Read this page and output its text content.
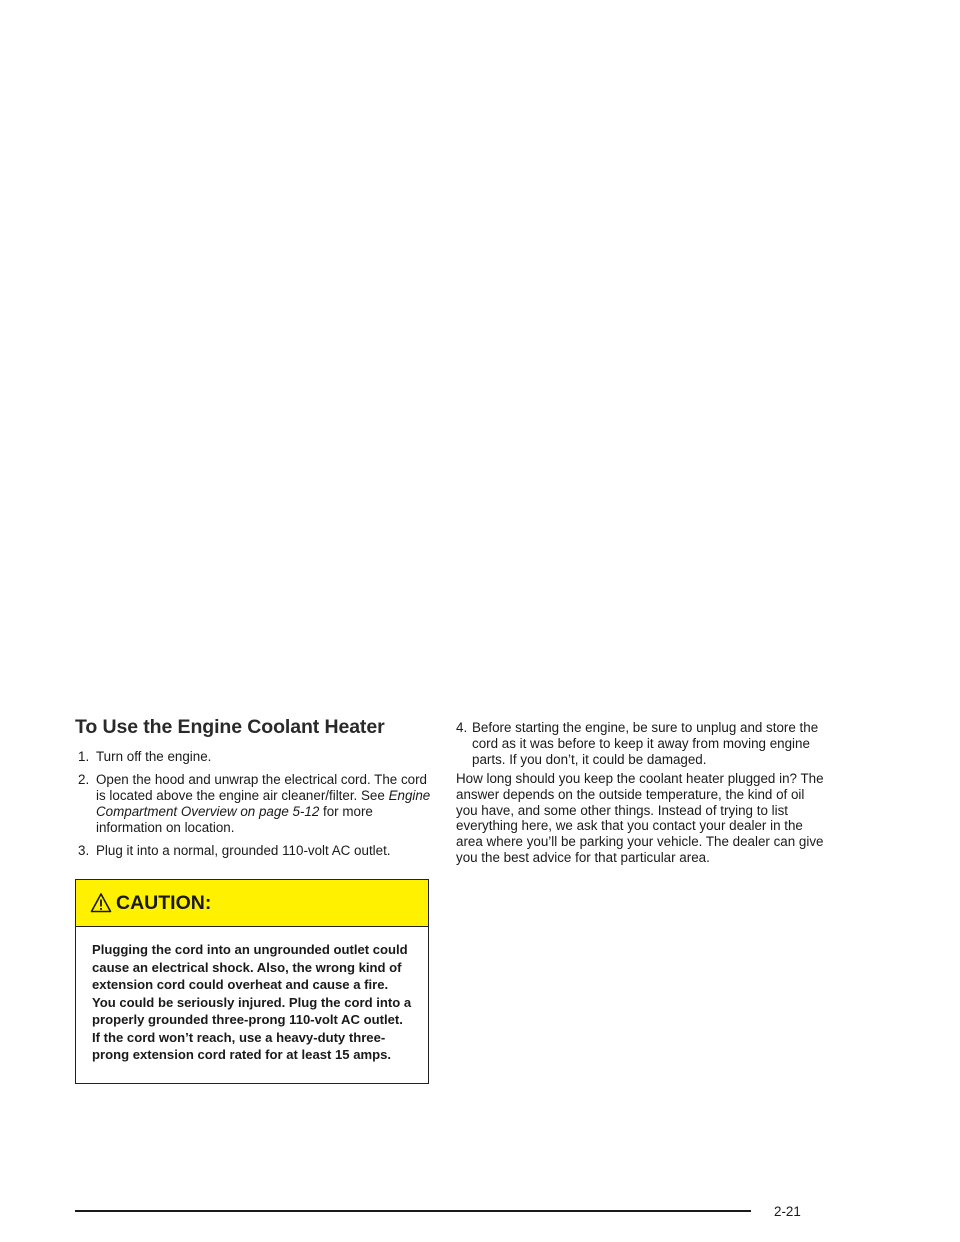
To Use the Engine Coolant Heater
1. Turn off the engine.
2. Open the hood and unwrap the electrical cord. The cord is located above the engine air cleaner/filter. See Engine Compartment Overview on page 5-12 for more information on location.
3. Plug it into a normal, grounded 110-volt AC outlet.
CAUTION:
Plugging the cord into an ungrounded outlet could cause an electrical shock. Also, the wrong kind of extension cord could overheat and cause a fire. You could be seriously injured. Plug the cord into a properly grounded three-prong 110-volt AC outlet. If the cord won’t reach, use a heavy-duty three-prong extension cord rated for at least 15 amps.
4. Before starting the engine, be sure to unplug and store the cord as it was before to keep it away from moving engine parts. If you don’t, it could be damaged.

How long should you keep the coolant heater plugged in? The answer depends on the outside temperature, the kind of oil you have, and some other things. Instead of trying to list everything here, we ask that you contact your dealer in the area where you’ll be parking your vehicle. The dealer can give you the best advice for that particular area.

2-21
